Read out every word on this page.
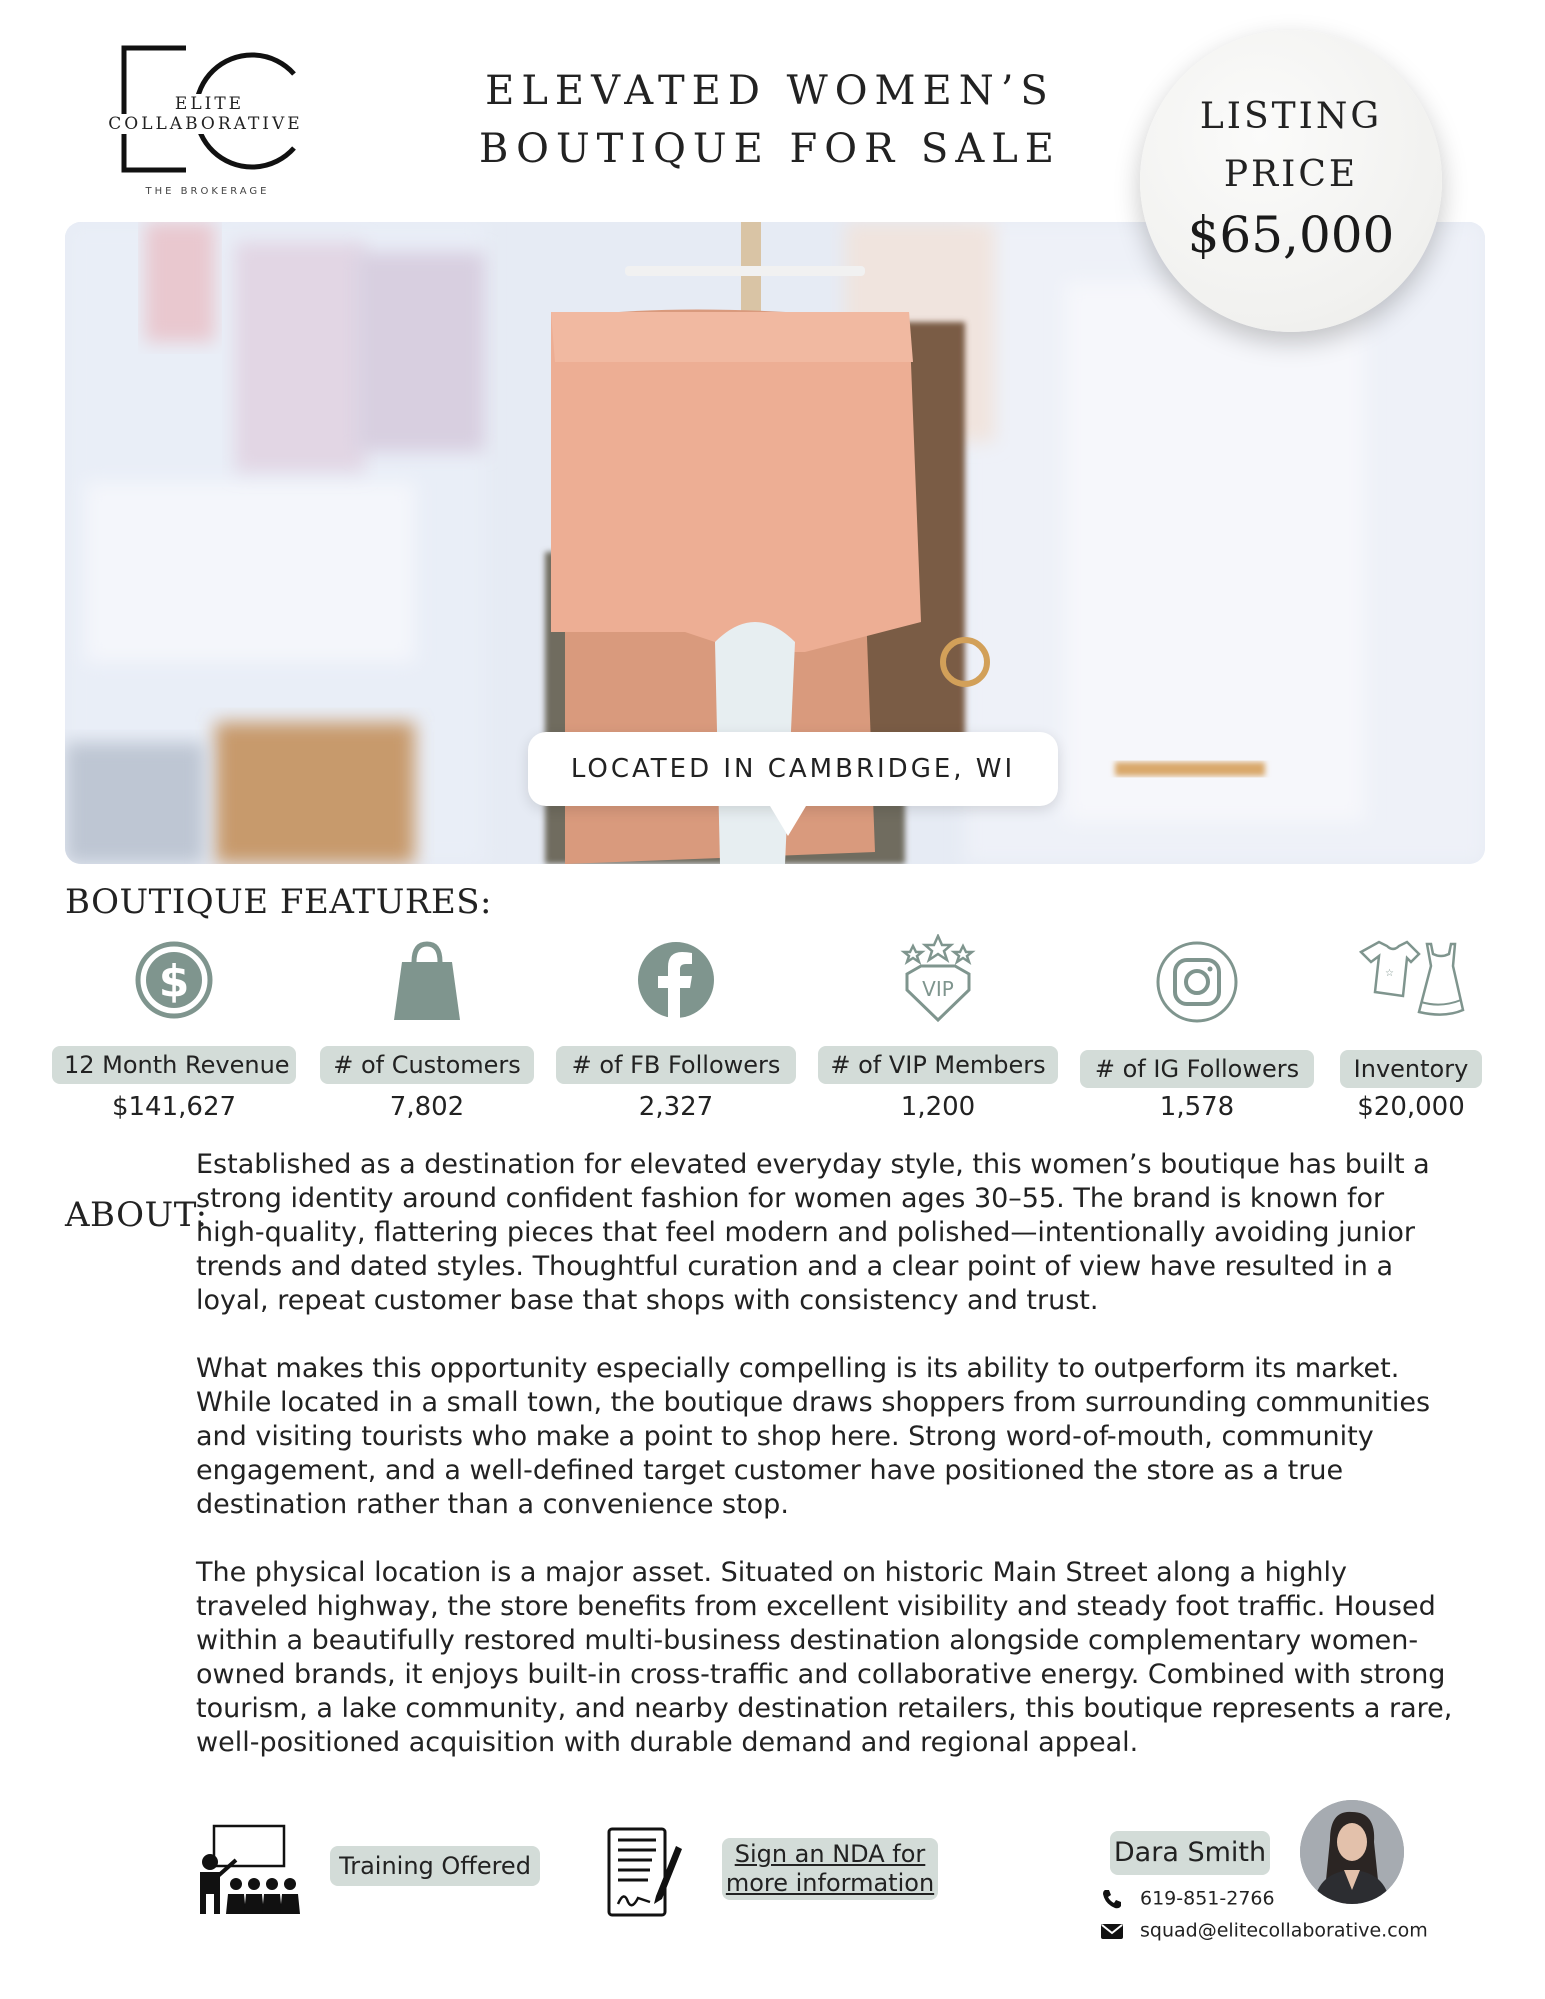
ELITE COLLABORATIVE
THE BROKERAGE
ELEVATED WOMEN’S
BOUTIQUE FOR SALE
LISTING
PRICE
$65,000
LOCATED IN CAMBRIDGE, WI
BOUTIQUE FEATURES:
$
12 Month Revenue
$141,627
# of Customers
7,802
# of FB Followers
2,327
VIP
# of VIP Members
1,200
# of IG Followers
1,578
☆
Inventory
$20,000
ABOUT:

Established as a destination for elevated everyday style, this women’s boutique has built a strong identity around confident fashion for women ages 30–55. The brand is known for high-quality, flattering pieces that feel modern and polished—intentionally avoiding junior trends and dated styles. Thoughtful curation and a clear point of view have resulted in a loyal, repeat customer base that shops with consistency and trust.

What makes this opportunity especially compelling is its ability to outperform its market. While located in a small town, the boutique draws shoppers from surrounding communities and visiting tourists who make a point to shop here. Strong word-of-mouth, community engagement, and a well-defined target customer have positioned the store as a true destination rather than a convenience stop.

The physical location is a major asset. Situated on historic Main Street along a highly traveled highway, the store benefits from excellent visibility and steady foot traffic. Housed within a beautifully restored multi-business destination alongside complementary women-owned brands, it enjoys built-in cross-traffic and collaborative energy. Combined with strong tourism, a lake community, and nearby destination retailers, this boutique represents a rare, well-positioned acquisition with durable demand and regional appeal.

Training Offered	Sign an NDA for
more information
Dara Smith
619-851-2766
squad@elitecollaborative.com
